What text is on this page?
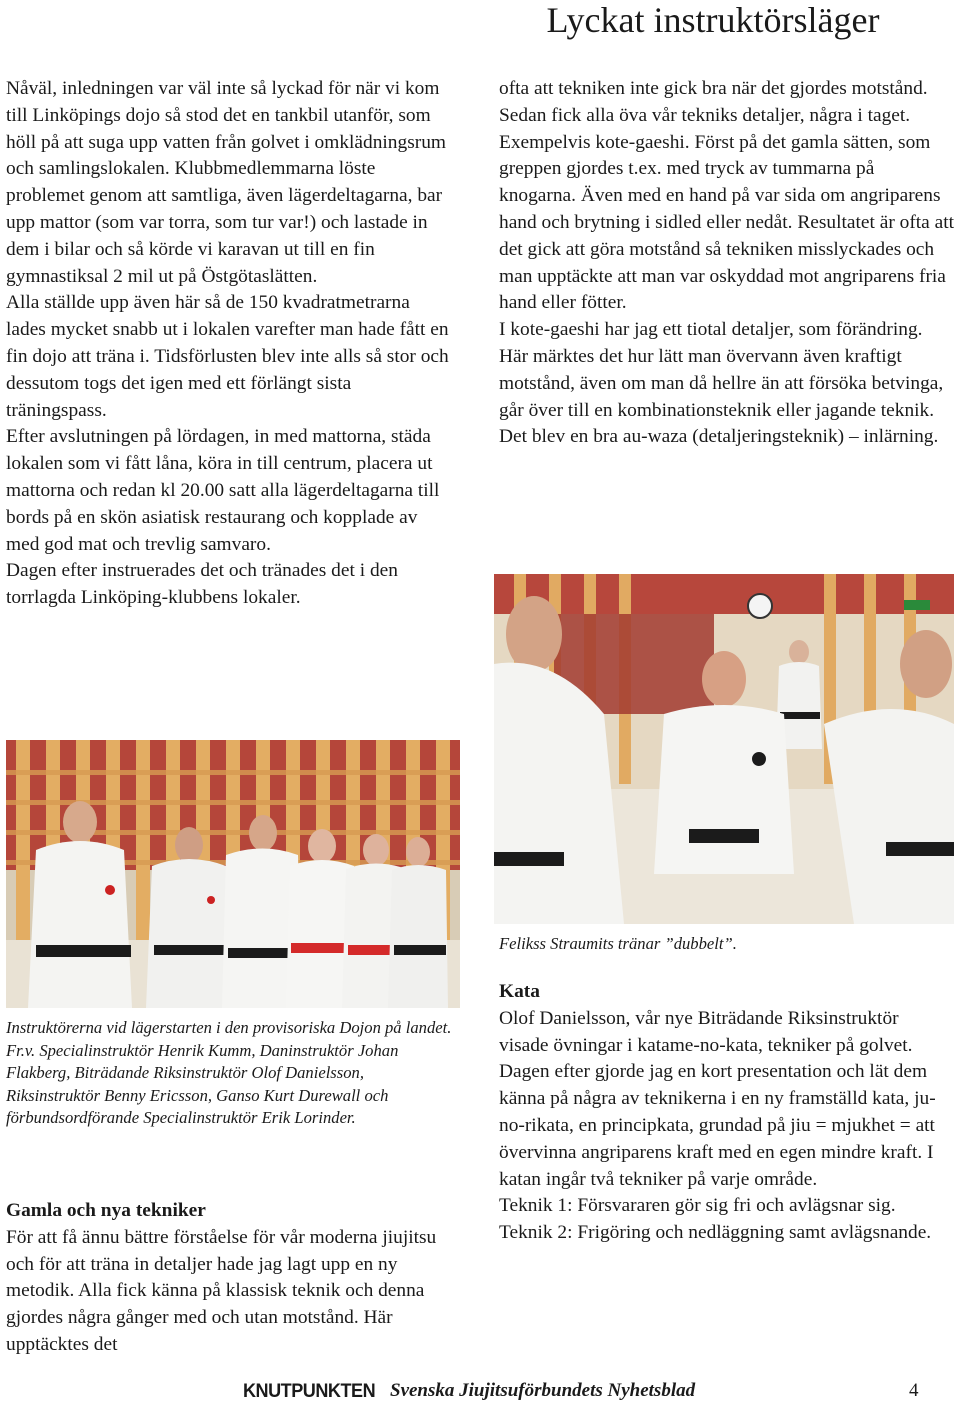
Lyckat instruktörsläger

Nåväl, inledningen var väl inte så lyckad för när vi kom till Linköpings dojo så stod det en tankbil utanför, som höll på att suga upp vatten från golvet i omklädningsrum och samlingslokalen. Klubbmedlemmarna löste problemet genom att samtliga, även lägerdeltagarna, bar upp mattor (som var torra, som tur var!) och lastade in dem i bilar och så körde vi karavan ut till en fin gymnastiksal 2 mil ut på Östgötaslätten.

Alla ställde upp även här så de 150 kvadratmetrarna lades mycket snabb ut i lokalen varefter man hade fått en fin dojo att träna i. Tidsförlusten blev inte alls så stor och dessutom togs det igen med ett förlängt sista träningspass.

Efter avslutningen på lördagen, in med mattorna, städa lokalen som vi fått låna, köra in till centrum, placera ut mattorna och redan kl 20.00 satt alla lägerdeltagarna till bords på en skön asiatisk restaurang och kopplade av med god mat och trevlig samvaro.

Dagen efter instruerades det och tränades det i den torrlagda Linköping-klubbens lokaler.

ofta att tekniken inte gick bra när det gjordes motstånd. Sedan fick alla öva vår tekniks detaljer, några i taget. Exempelvis kote-gaeshi. Först på det gamla sätten, som greppen gjordes t.ex. med tryck av tummarna på knogarna. Även med en hand på var sida om angriparens hand och brytning i sidled eller nedåt. Resultatet är ofta att det gick att göra motstånd så tekniken misslyckades och man upptäckte att man var oskyddad mot angriparens fria hand eller fötter.

I kote-gaeshi har jag ett tiotal detaljer, som förändring. Här märktes det hur lätt man övervann även kraftigt motstånd, även om man då hellre än att försöka betvinga, går över till en kombinationsteknik eller jagande teknik. Det blev en bra au-waza (detaljeringsteknik) – inlärning.

Instruktörerna vid lägerstarten i den provisoriska Dojon på landet. Fr.v. Specialinstruktör Henrik Kumm, Daninstruktör Johan Flakberg, Biträdande Riksinstruktör Olof Danielsson, Riksinstruktör Benny Ericsson, Ganso Kurt Durewall och förbundsordförande Specialinstruktör Erik Lorinder.
Felikss Straumits tränar ”dubbelt”.

Gamla och nya tekniker

För att få ännu bättre förståelse för vår moderna jiujitsu och för att träna in detaljer hade jag lagt upp en ny metodik. Alla fick känna på klassisk teknik och denna gjordes några gånger med och utan motstånd. Här upptäcktes det

Kata

Olof Danielsson, vår nye Biträdande Riksinstruktör visade övningar i katame-no-kata, tekniker på golvet. Dagen efter gjorde jag en kort presentation och lät dem känna på några av teknikerna i en ny framställd kata, ju-no-rikata, en principkata, grundad på jiu = mjukhet = att övervinna angriparens kraft med en egen mindre kraft. I katan ingår två tekniker på varje område.

Teknik 1: Försvararen gör sig fri och avlägsnar sig.

Teknik 2: Frigöring och nedläggning samt avlägsnande.

KNUTPUNKTEN Svenska Jiujitsuförbundets Nyhetsblad	4
